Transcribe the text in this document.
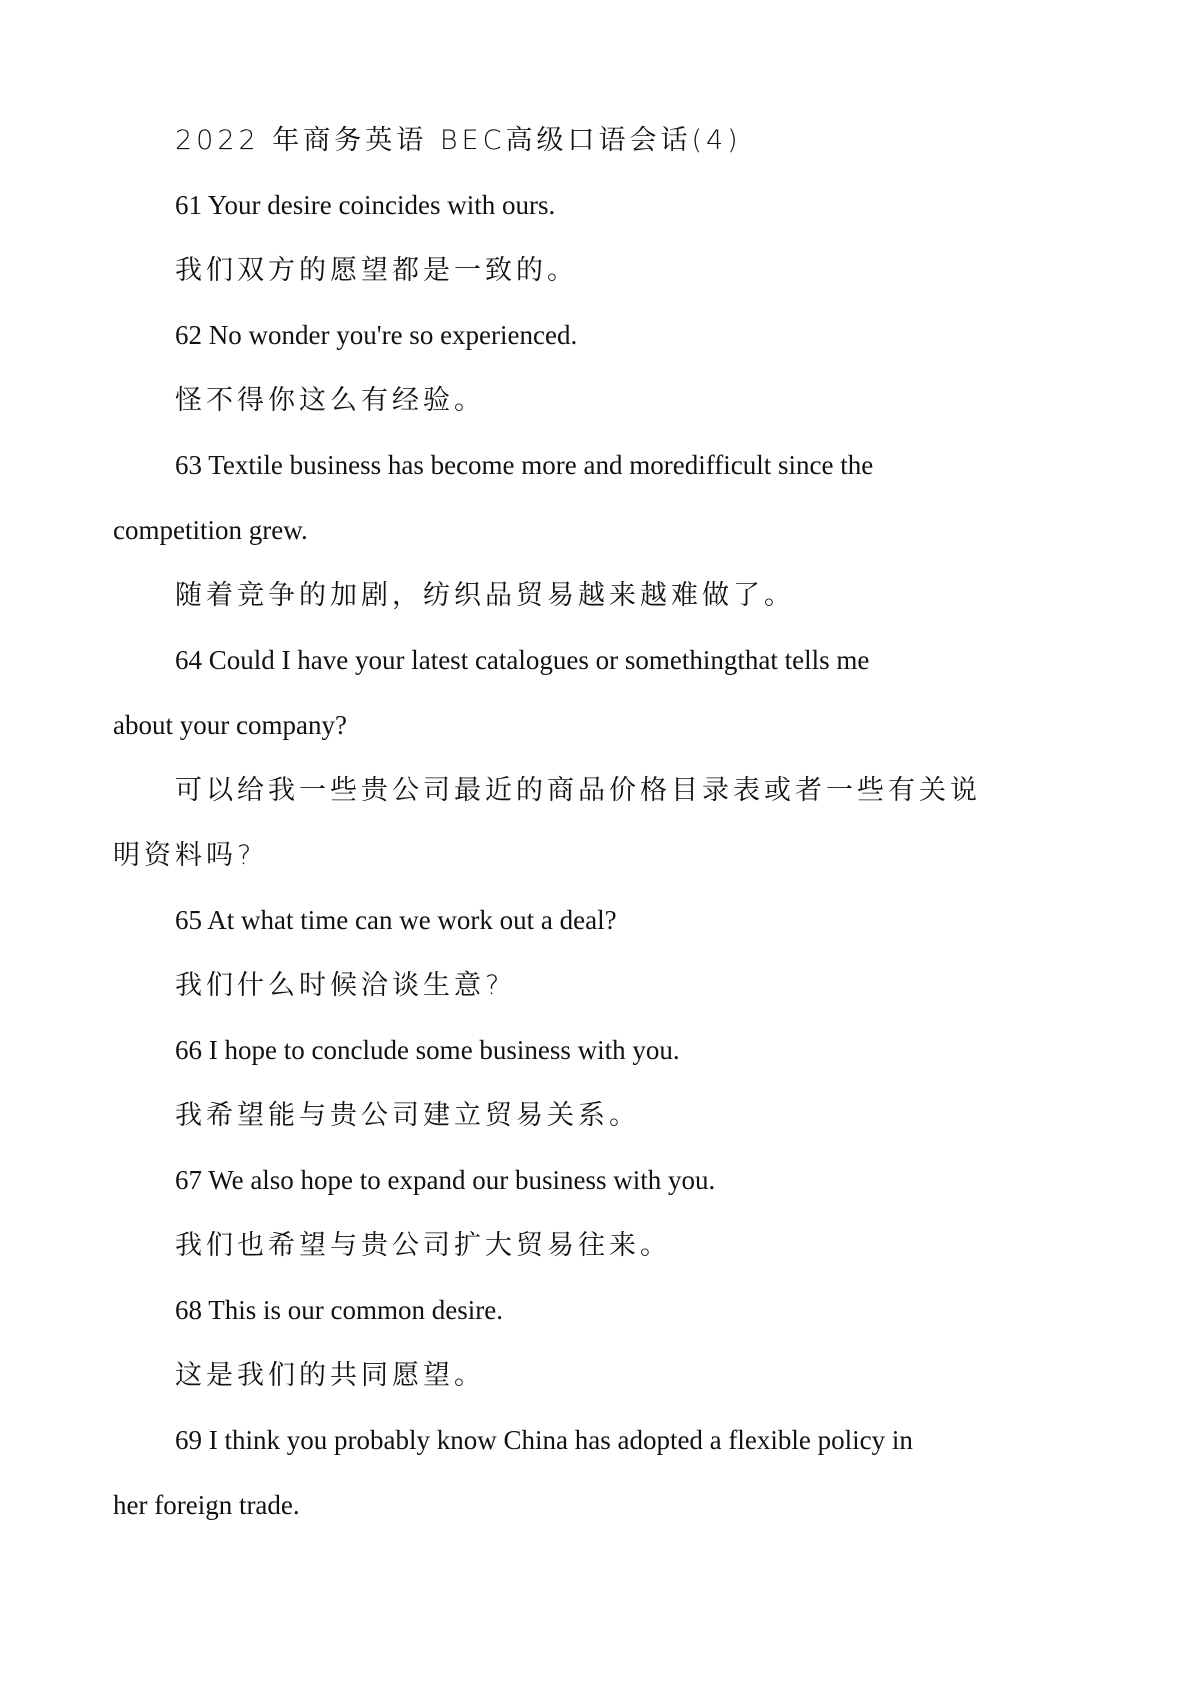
2022 年商务英语 BEC高级口语会话(4)

61 Your desire coincides with ours.

我们双方的愿望都是一致的。

62 No wonder you're so experienced.

怪不得你这么有经验。

63 Textile business has become more and moredifficult since the competition grew.

随着竞争的加剧，纺织品贸易越来越难做了。

64 Could I have your latest catalogues or somethingthat tells me about your company?

可以给我一些贵公司最近的商品价格目录表或者一些有关说明资料吗?

65 At what time can we work out a deal?

我们什么时候洽谈生意?

66 I hope to conclude some business with you.

我希望能与贵公司建立贸易关系。

67 We also hope to expand our business with you.

我们也希望与贵公司扩大贸易往来。

68 This is our common desire.

这是我们的共同愿望。

69 I think you probably know China has adopted a flexible policy in her foreign trade.
